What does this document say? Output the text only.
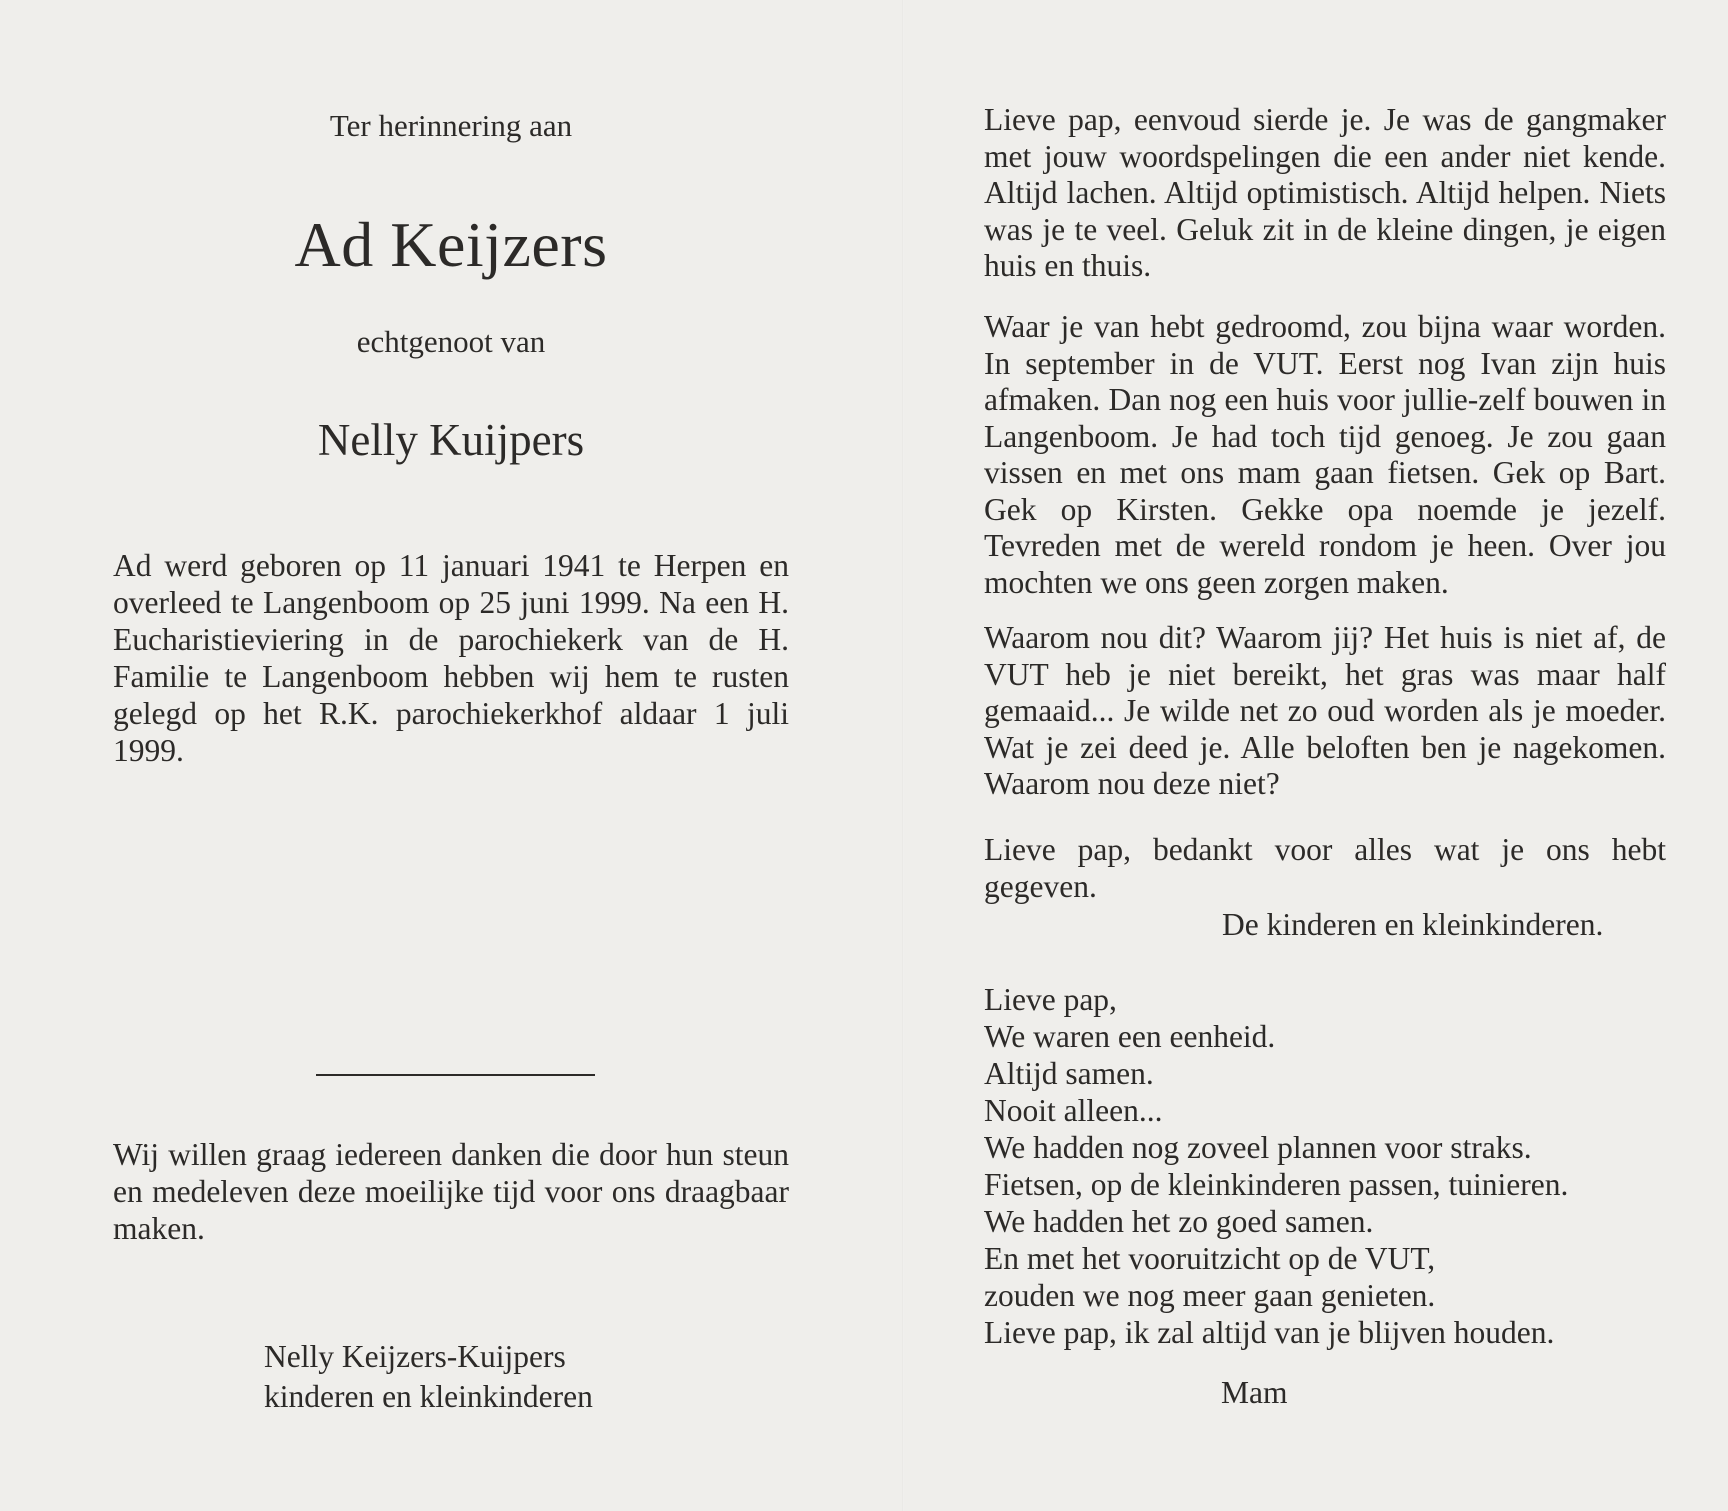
Ter herinnering aan
Ad Keijzers
echtgenoot van
Nelly Kuijpers
Ad werd geboren op 11 januari 1941 te Herpen en overleed te Langenboom op 25 juni 1999. Na een H. Eucharistieviering in de parochiekerk van de H. Familie te Langenboom hebben wij hem te rusten gelegd op het R.K. parochiekerkhof aldaar 1 juli 1999.
Wij willen graag iedereen danken die door hun steun en medeleven deze moeilijke tijd voor ons draagbaar maken.
Nelly Keijzers-Kuijpers
kinderen en kleinkinderen
Lieve pap, eenvoud sierde je. Je was de gangmaker met jouw woordspelingen die een ander niet kende. Altijd lachen. Altijd optimistisch. Altijd helpen. Niets was je te veel. Geluk zit in de kleine dingen, je eigen huis en thuis.
Waar je van hebt gedroomd, zou bijna waar worden. In september in de VUT. Eerst nog Ivan zijn huis afmaken. Dan nog een huis voor jullie-zelf bouwen in Langenboom. Je had toch tijd genoeg. Je zou gaan vissen en met ons mam gaan fietsen. Gek op Bart. Gek op Kirsten. Gekke opa noemde je jezelf. Tevreden met de wereld rondom je heen. Over jou mochten we ons geen zorgen maken.
Waarom nou dit? Waarom jij? Het huis is niet af, de VUT heb je niet bereikt, het gras was maar half gemaaid... Je wilde net zo oud worden als je moeder. Wat je zei deed je. Alle beloften ben je nagekomen. Waarom nou deze niet?
Lieve pap, bedankt voor alles wat je ons hebt gegeven.
De kinderen en kleinkinderen.
Lieve pap,
We waren een eenheid.
Altijd samen.
Nooit alleen...
We hadden nog zoveel plannen voor straks.
Fietsen, op de kleinkinderen passen, tuinieren.
We hadden het zo goed samen.
En met het vooruitzicht op de VUT,
zouden we nog meer gaan genieten.
Lieve pap, ik zal altijd van je blijven houden.
Mam
